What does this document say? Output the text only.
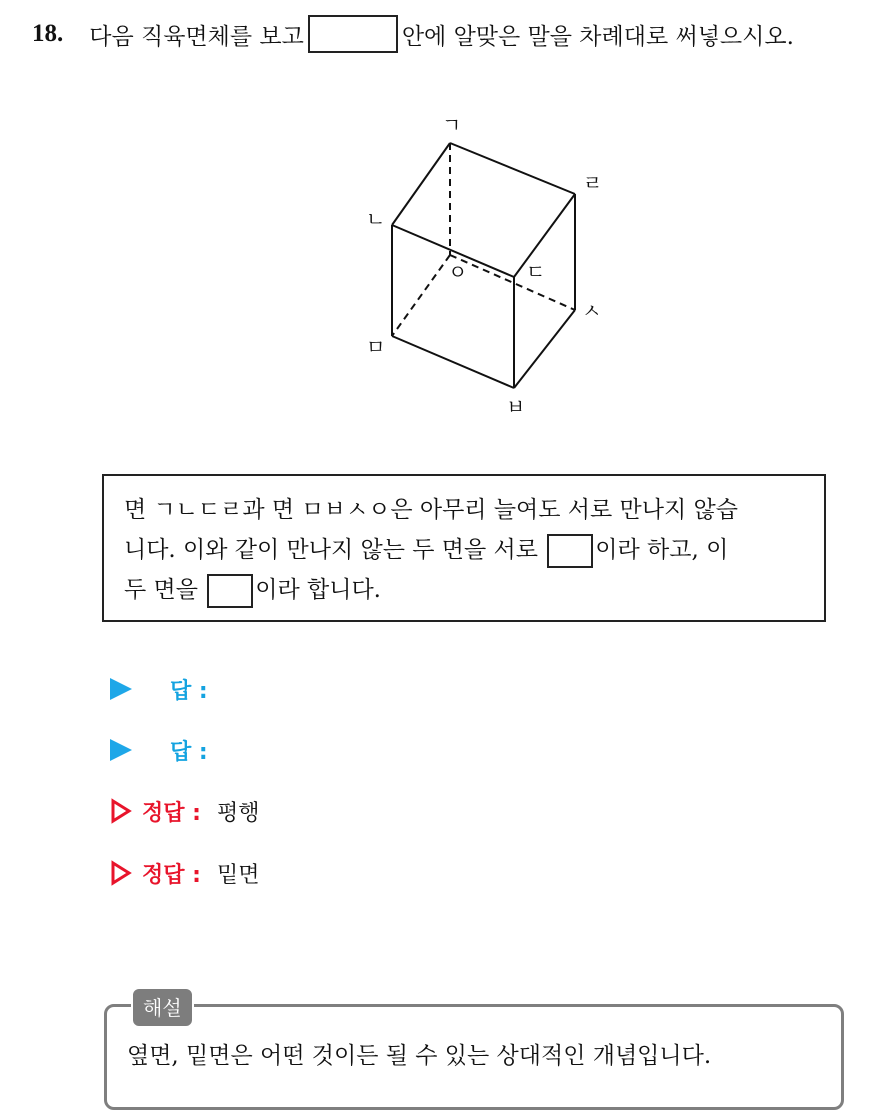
18. 다음 직육면체를 보고	안에 알맞은 말을 차례대로 써넣으시오.
ㄱ
ㄹ
ㄴ
ㅇ	ㄷ
ㅅ
ㅁ
ㅂ
면 ㄱㄴㄷㄹ과 면 ㅁㅂㅅㅇ은 아무리 늘여도 서로 만나지 않습
니다. 이와 같이 만나지 않는 두 면을 서로 이라 하고, 이
두 면을 이라 합니다.
답 :
답 :
정답 : 평행
정답 : 밑면
해설
옆면, 밑면은 어떤 것이든 될 수 있는 상대적인 개념입니다.
